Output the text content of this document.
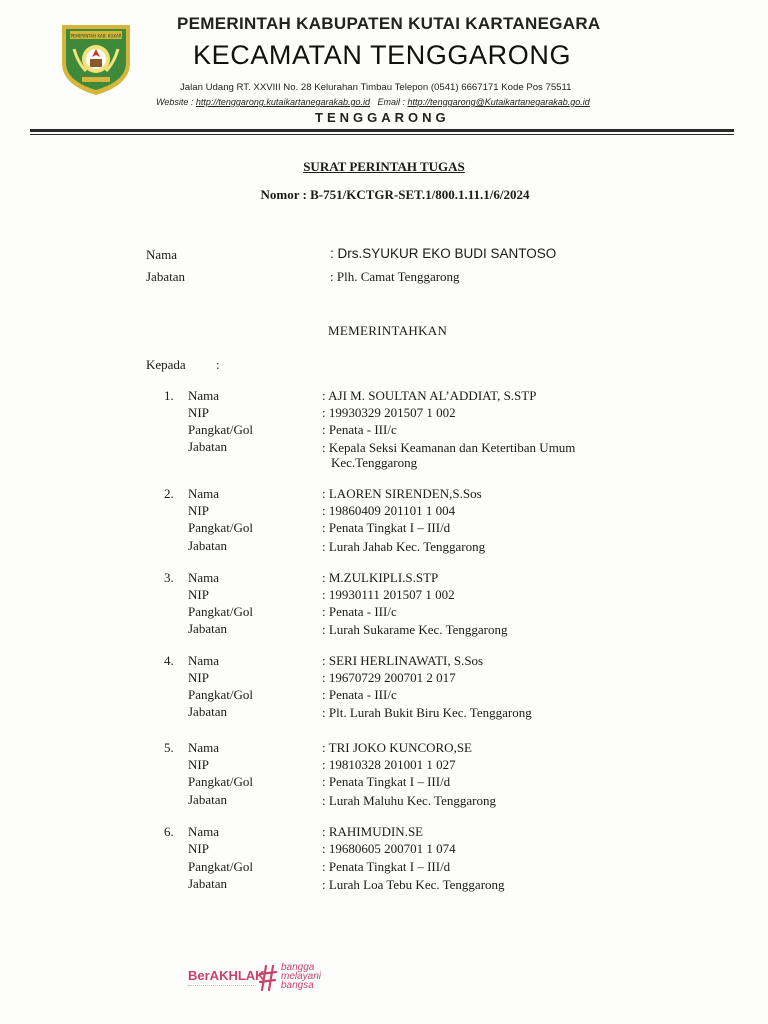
PEMERINTAH KAB. KUKAR
PEMERINTAH KABUPATEN KUTAI KARTANEGARA
KECAMATAN TENGGARONG
Jalan Udang RT. XXVIII No. 28 Kelurahan Timbau Telepon (0541) 6667171 Kode Pos 75511
Website : http://tenggarong.kutaikartanegarakab.go.id Email : http://tenggarong@Kutaikartanegarakab.go.id
TENGGARONG
SURAT PERINTAH TUGAS
Nomor : B-751/KCTGR-SET.1/800.1.11.1/6/2024
Nama	: Drs.SYUKUR EKO BUDI SANTOSO
Jabatan	: Plh. Camat Tenggarong
MEMERINTAHKAN
Kepada :
1. Nama
NIP
Pangkat/Gol
Jabatan
: AJI M. SOULTAN AL’ADDIAT, S.STP
: 19930329 201507 1 002
: Penata - III/c
: Kepala Seksi Keamanan dan Ketertiban Umum
Kec.Tenggarong
2. Nama
NIP
Pangkat/Gol
Jabatan
: LAOREN SIRENDEN,S.Sos
: 19860409 201101 1 004
: Penata Tingkat I – III/d
: Lurah Jahab Kec. Tenggarong
3. Nama
NIP
Pangkat/Gol
Jabatan
: M.ZULKIPLI.S.STP
: 19930111 201507 1 002
: Penata - III/c
: Lurah Sukarame Kec. Tenggarong
4. Nama
NIP
Pangkat/Gol
Jabatan
: SERI HERLINAWATI, S.Sos
: 19670729 200701 2 017
: Penata - III/c
: Plt. Lurah Bukit Biru Kec. Tenggarong
5. Nama
NIP
Pangkat/Gol
Jabatan
: TRI JOKO KUNCORO,SE
: 19810328 201001 1 027
: Penata Tingkat I – III/d
: Lurah Maluhu Kec. Tenggarong
6. Nama
NIP
Pangkat/Gol
Jabatan
: RAHIMUDIN.SE
: 19680605 200701 1 074
: Penata Tingkat I – III/d
: Lurah Loa Tebu Kec. Tenggarong
BerAKHLAK
bangga
melayani
bangsa
